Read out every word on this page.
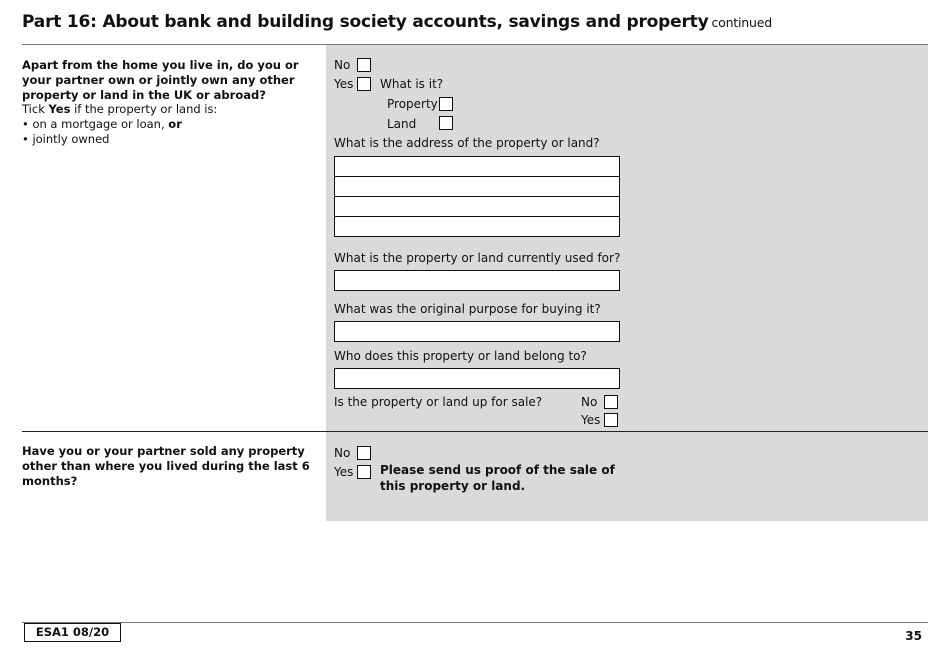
Part 16: About bank and building society accounts, savings and property continued
Apart from the home you live in, do you or your partner own or jointly own any other property or land in the UK or abroad?
Tick Yes if the property or land is:
• on a mortgage or loan, or
• jointly owned
No
Yes What is it?
Property
Land
What is the address of the property or land?
What is the property or land currently used for?
What was the original purpose for buying it?
Who does this property or land belong to?
Is the property or land up for sale?	No
Yes
Have you or your partner sold any property other than where you lived during the last 6 months?
No
Yes Please send us proof of the sale of this property or land.
ESA1 08/20	35
